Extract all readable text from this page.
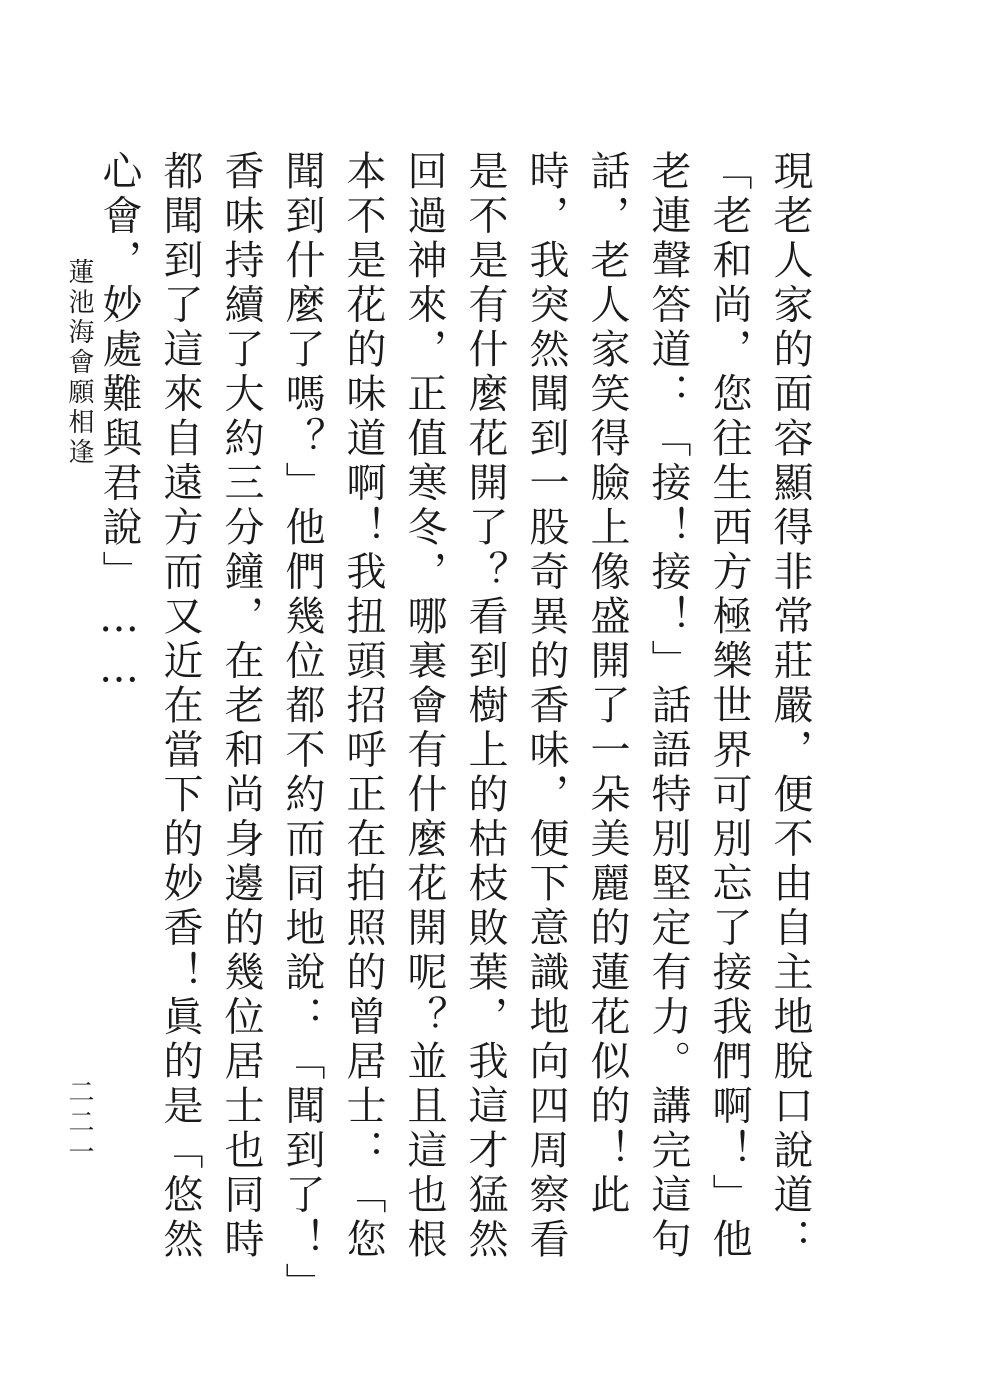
現老人家的面容顯得非常莊嚴，便不由自主地脫口說道：「老和尚，您往生西方極樂世界可別忘了接我們啊！」他老連聲答道：「接！接！」話語特別堅定有力。講完這句話，老人家笑得臉上像盛開了一朵美麗的蓮花似的！此時，我突然聞到一股奇異的香味，便下意識地向四周察看是不是有什麼花開了？看到樹上的枯枝敗葉，我這才猛然回過神來，正值寒冬，哪裏會有什麼花開呢？並且這也根本不是花的味道啊！我扭頭招呼正在拍照的曾居士：「您聞到什麼了嗎？」他們幾位都不約而同地說：「聞到了！」香味持續了大約三分鐘，在老和尚身邊的幾位居士也同時都聞到了這來自遠方而又近在當下的妙香！眞的是「悠然心會，妙處難與君說」……
蓮池海會願相逢
二二一
